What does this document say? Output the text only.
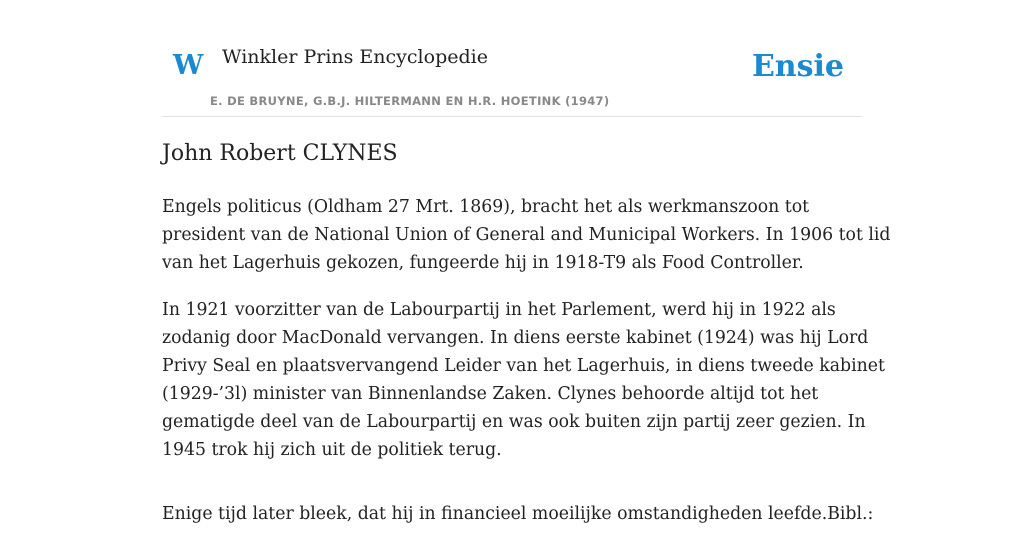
W Winkler Prins Encyclopedie
E. DE BRUYNE, G.B.J. HILTERMANN EN H.R. HOETINK (1947)
Ensie
John Robert CLYNES

Engels politicus (Oldham 27 Mrt. 1869), bracht het als werkmanszoon tot
president van de National Union of General and Municipal Workers. In 1906 tot lid
van het Lagerhuis gekozen, fungeerde hij in 1918-T9 als Food Controller.

In 1921 voorzitter van de Labourpartij in het Parlement, werd hij in 1922 als
zodanig door MacDonald vervangen. In diens eerste kabinet (1924) was hij Lord
Privy Seal en plaatsvervangend Leider van het Lagerhuis, in diens tweede kabinet
(1929-’3l) minister van Binnenlandse Zaken. Clynes behoorde altijd tot het
gematigde deel van de Labourpartij en was ook buiten zijn partij zeer gezien. In
1945 trok hij zich uit de politiek terug.

Enige tijd later bleek, dat hij in financieel moeilijke omstandigheden leefde.Bibl.:
